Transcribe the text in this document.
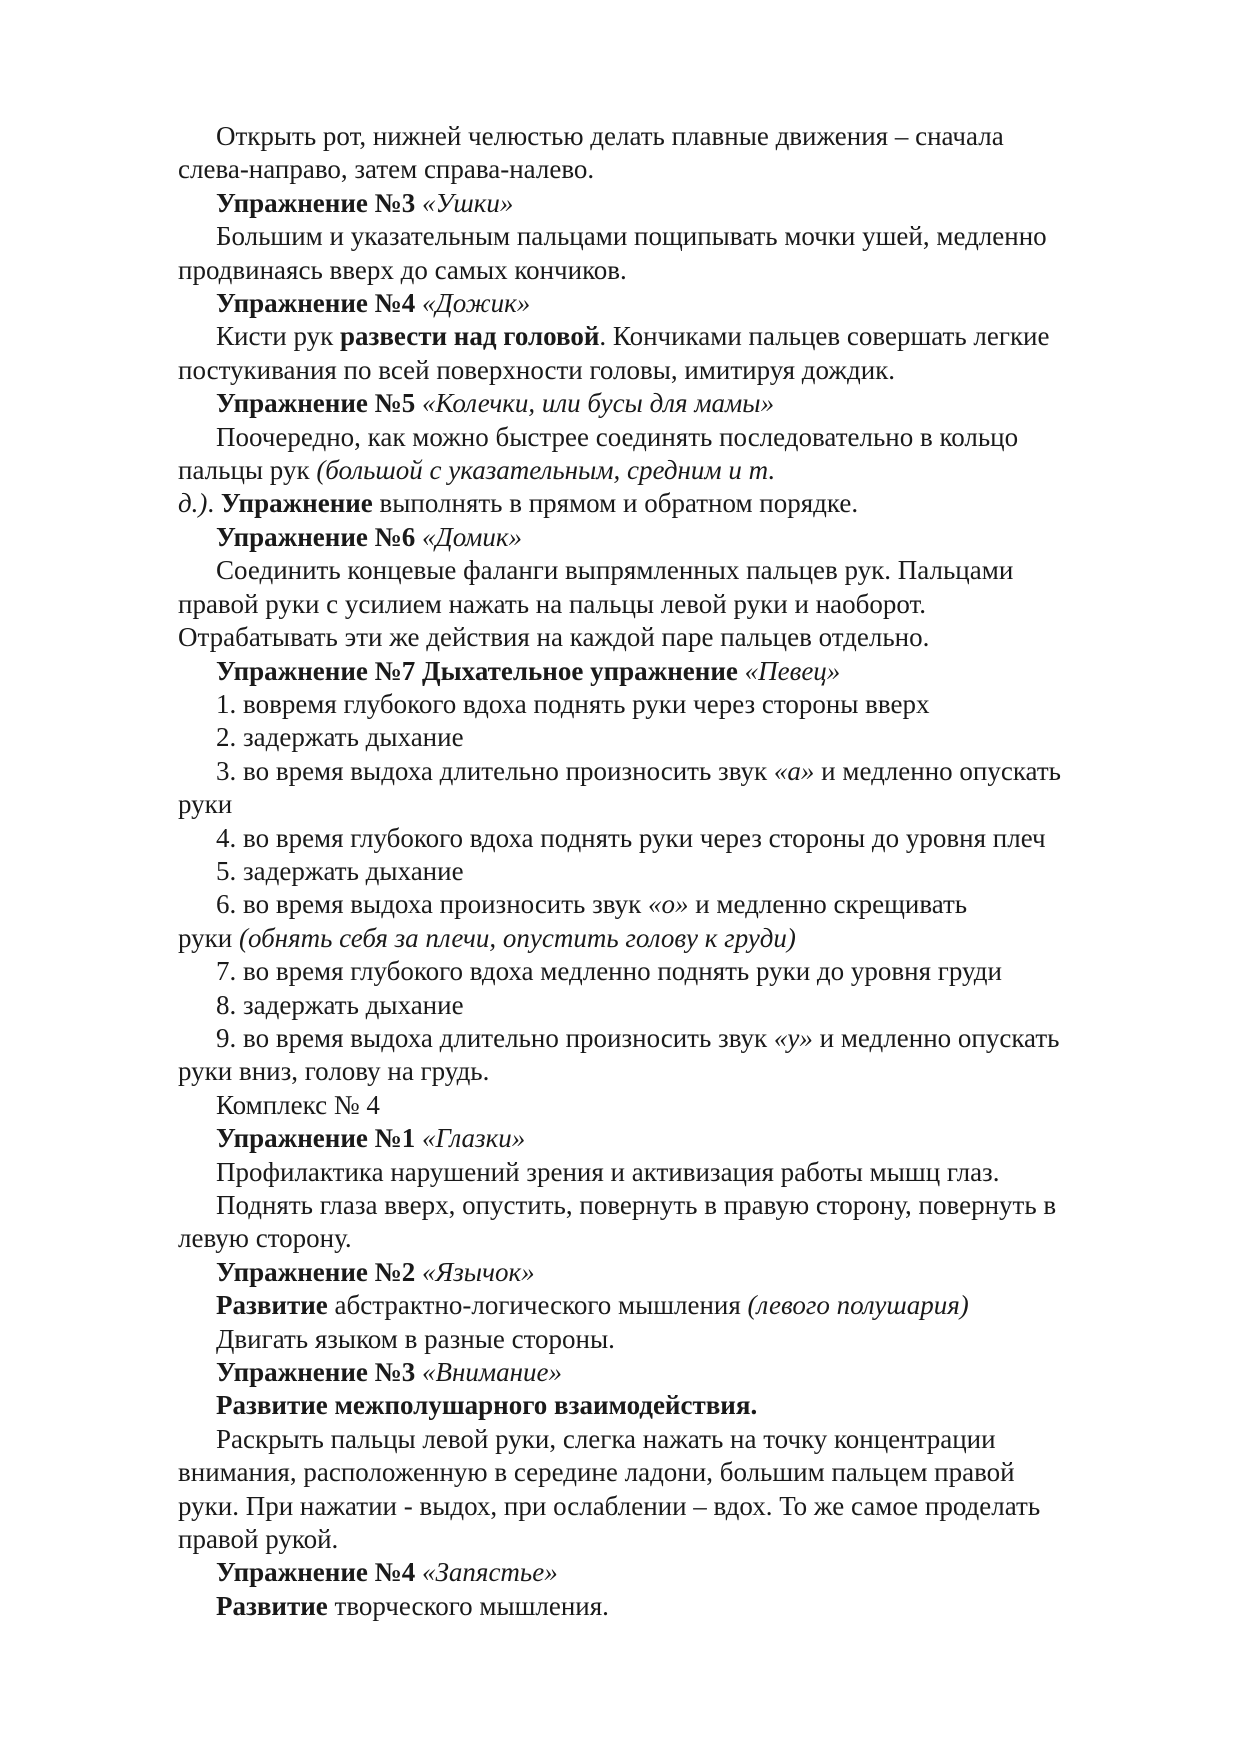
Открыть рот, нижней челюстью делать плавные движения – сначала

слева-направо, затем справа-налево.

Упражнение №3 «Ушки»

Большим и указательным пальцами пощипывать мочки ушей, медленно

продвинаясь вверх до самых кончиков.

Упражнение №4 «Дожик»

Кисти рук развести над головой. Кончиками пальцев совершать легкие

постукивания по всей поверхности головы, имитируя дождик.

Упражнение №5 «Колечки, или бусы для мамы»

Поочередно, как можно быстрее соединять последовательно в кольцо

пальцы рук (большой с указательным, средним и т.

д.). Упражнение выполнять в прямом и обратном порядке.

Упражнение №6 «Домик»

Соединить концевые фаланги выпрямленных пальцев рук. Пальцами

правой руки с усилием нажать на пальцы левой руки и наоборот.

Отрабатывать эти же действия на каждой паре пальцев отдельно.

Упражнение №7 Дыхательное упражнение «Певец»

1. вовремя глубокого вдоха поднять руки через стороны вверх

2. задержать дыхание

3. во время выдоха длительно произносить звук «а» и медленно опускать

руки

4. во время глубокого вдоха поднять руки через стороны до уровня плеч

5. задержать дыхание

6. во время выдоха произносить звук «о» и медленно скрещивать

руки (обнять себя за плечи, опустить голову к груди)

7. во время глубокого вдоха медленно поднять руки до уровня груди

8. задержать дыхание

9. во время выдоха длительно произносить звук «у» и медленно опускать

руки вниз, голову на грудь.

Комплекс № 4

Упражнение №1 «Глазки»

Профилактика нарушений зрения и активизация работы мышц глаз.

Поднять глаза вверх, опустить, повернуть в правую сторону, повернуть в

левую сторону.

Упражнение №2 «Язычок»

Развитие абстрактно-логического мышления (левого полушария)

Двигать языком в разные стороны.

Упражнение №3 «Внимание»

Развитие межполушарного взаимодействия.

Раскрыть пальцы левой руки, слегка нажать на точку концентрации

внимания, расположенную в середине ладони, большим пальцем правой

руки. При нажатии - выдох, при ослаблении – вдох. То же самое проделать

правой рукой.

Упражнение №4 «Запястье»

Развитие творческого мышления.
